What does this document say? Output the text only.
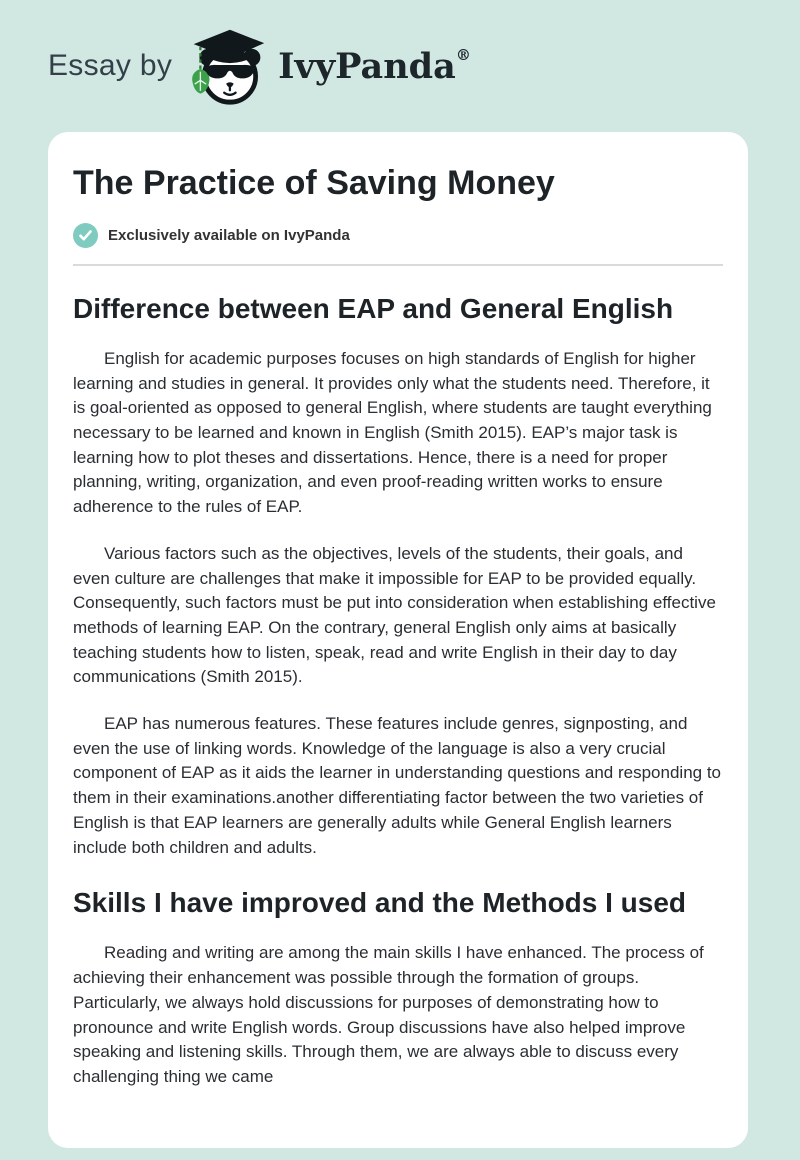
Essay by	IvyPanda®
The Practice of Saving Money
Exclusively available on IvyPanda
Difference between EAP and General English

English for academic purposes focuses on high standards of English for higher learning and studies in general. It provides only what the students need. Therefore, it is goal-oriented as opposed to general English, where students are taught everything necessary to be learned and known in English (Smith 2015). EAP’s major task is learning how to plot theses and dissertations. Hence, there is a need for proper planning, writing, organization, and even proof-reading written works to ensure adherence to the rules of EAP.

Various factors such as the objectives, levels of the students, their goals, and even culture are challenges that make it impossible for EAP to be provided equally. Consequently, such factors must be put into consideration when establishing effective methods of learning EAP. On the contrary, general English only aims at basically teaching students how to listen, speak, read and write English in their day to day communications (Smith 2015).

EAP has numerous features. These features include genres, signposting, and even the use of linking words. Knowledge of the language is also a very crucial component of EAP as it aids the learner in understanding questions and responding to them in their examinations.another differentiating factor between the two varieties of English is that EAP learners are generally adults while General English learners include both children and adults.

Skills I have improved and the Methods I used

Reading and writing are among the main skills I have enhanced. The process of achieving their enhancement was possible through the formation of groups. Particularly, we always hold discussions for purposes of demonstrating how to pronounce and write English words. Group discussions have also helped improve speaking and listening skills. Through them, we are always able to discuss every challenging thing we came
